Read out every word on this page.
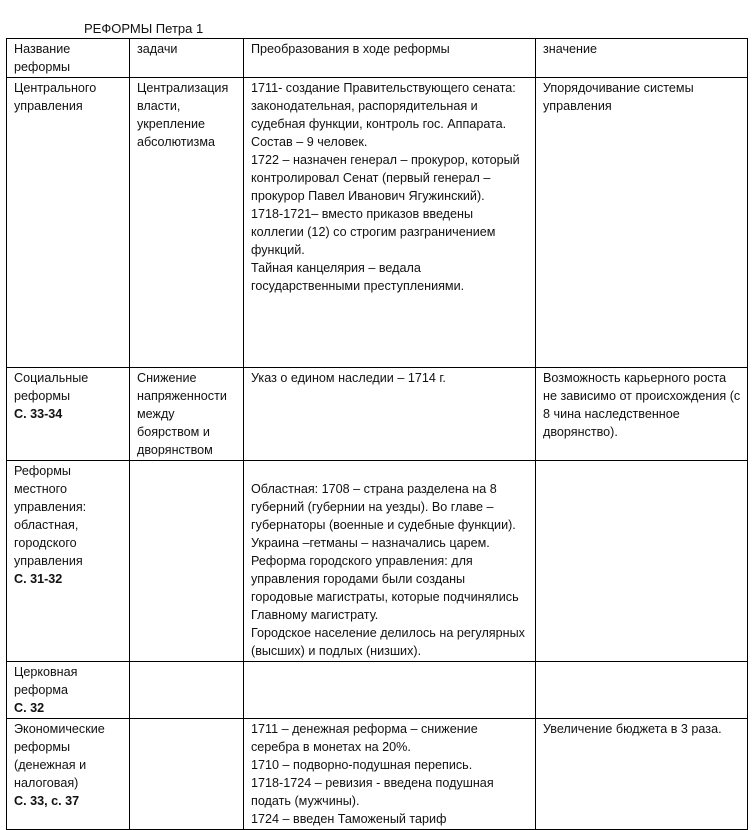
РЕФОРМЫ Петра 1
Название реформы	задачи	Преобразования в ходе реформы	значение

Центрального управления	Централизация власти, укрепление абсолютизма	1711- создание Правительствующего сената: законодательная, распорядительная и судебная функции, контроль гос. Аппарата.
Состав – 9 человек.
1722 – назначен генерал – прокурор, который контролировал Сенат (первый генерал – прокурор Павел Иванович Ягужинский).
1718-1721– вместо приказов введены коллегии (12) со строгим разграничением функций.
Тайная канцелярия – ведала государственными преступлениями.	Упорядочивание системы управления

Социальные реформы
С. 33-34	Снижение напряженности между боярством и дворянством	Указ о едином наследии – 1714 г.	Возможность карьерного роста не зависимо от происхождения (с 8 чина наследственное дворянство).

Реформы местного управления: областная, городского управления
С. 31-32		Областная: 1708 – страна разделена на 8 губерний (губернии на уезды). Во главе – губернаторы (военные и судебные функции).
Украина –гетманы – назначались царем.
Реформа городского управления: для управления городами были созданы городовые магистраты, которые подчинялись Главному магистрату.
Городское население делилось на регулярных (высших) и подлых (низших).	

Церковная реформа
С. 32			

Экономические реформы (денежная и налоговая)
С. 33, с. 37		1711 – денежная реформа – снижение серебра в монетах на 20%.
1710 – подворно-подушная перепись.
1718-1724 – ревизия - введена подушная подать (мужчины).
1724 – введен Таможеный тариф	Увеличение бюджета в 3 раза.
